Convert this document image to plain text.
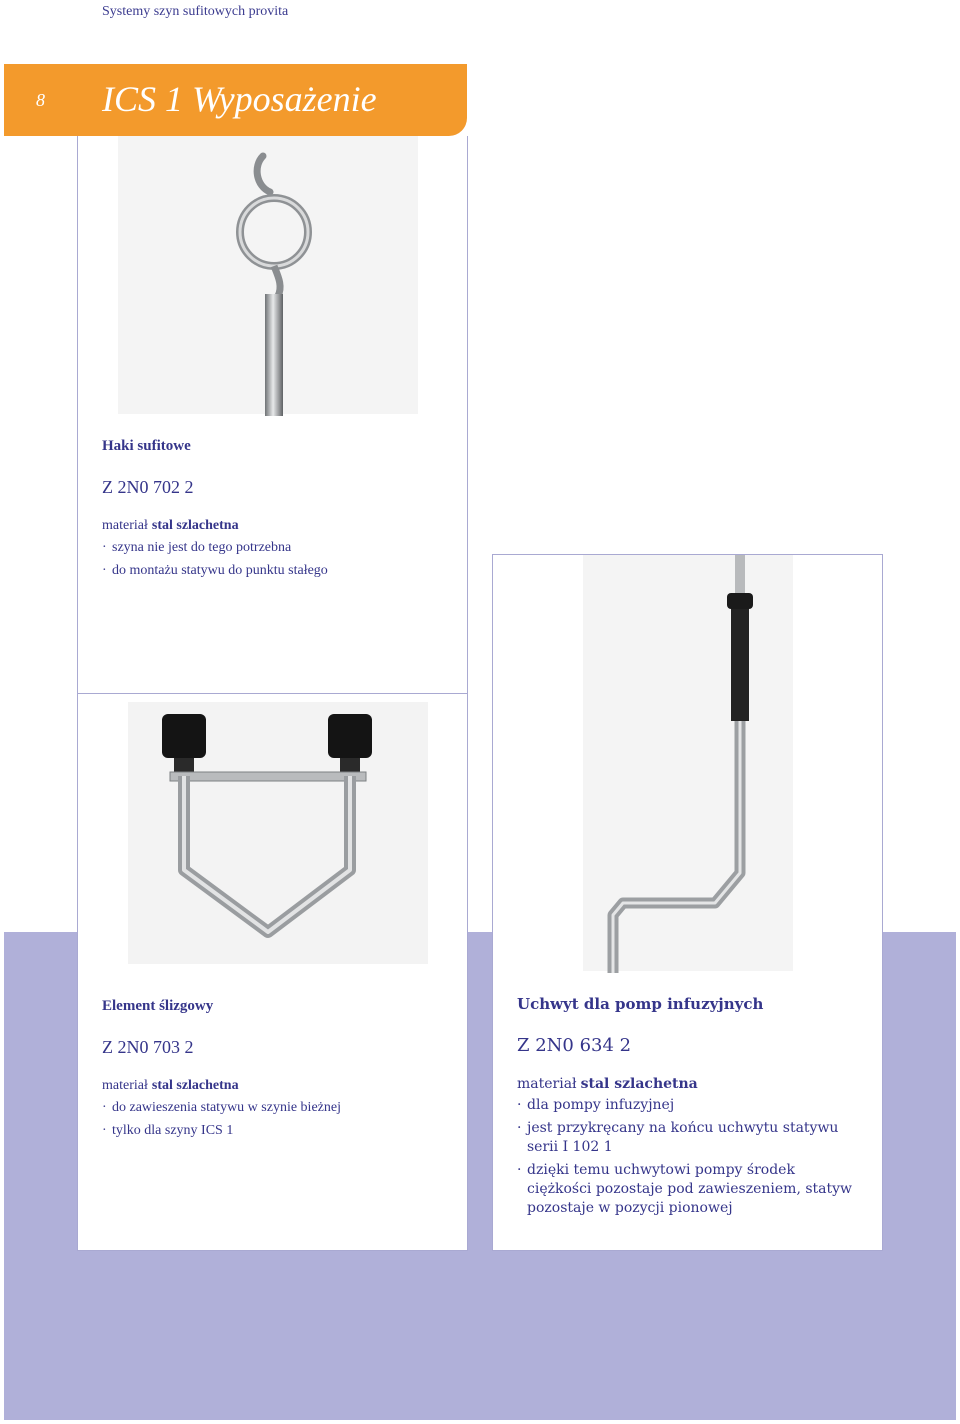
Systemy szyn sufitowych provita
8 ICS 1 Wyposażenie

Haki sufitowe

Z 2N0 702 2

materiał stal szlachetna

· szyna nie jest do tego potrzebna
· do montażu statywu do punktu stałego

Element ślizgowy

Z 2N0 703 2

materiał stal szlachetna

· do zawieszenia statywu w szynie bieżnej
· tylko dla szyny ICS 1

Uchwyt dla pomp infuzyjnych

Z 2N0 634 2

materiał stal szlachetna

· dla pompy infuzyjnej
· jest przykręcany na końcu uchwytu statywu serii I 102 1
· dzięki temu uchwytowi pompy środek ciężkości pozostaje pod zawieszeniem, statyw pozostaje w pozycji pionowej
